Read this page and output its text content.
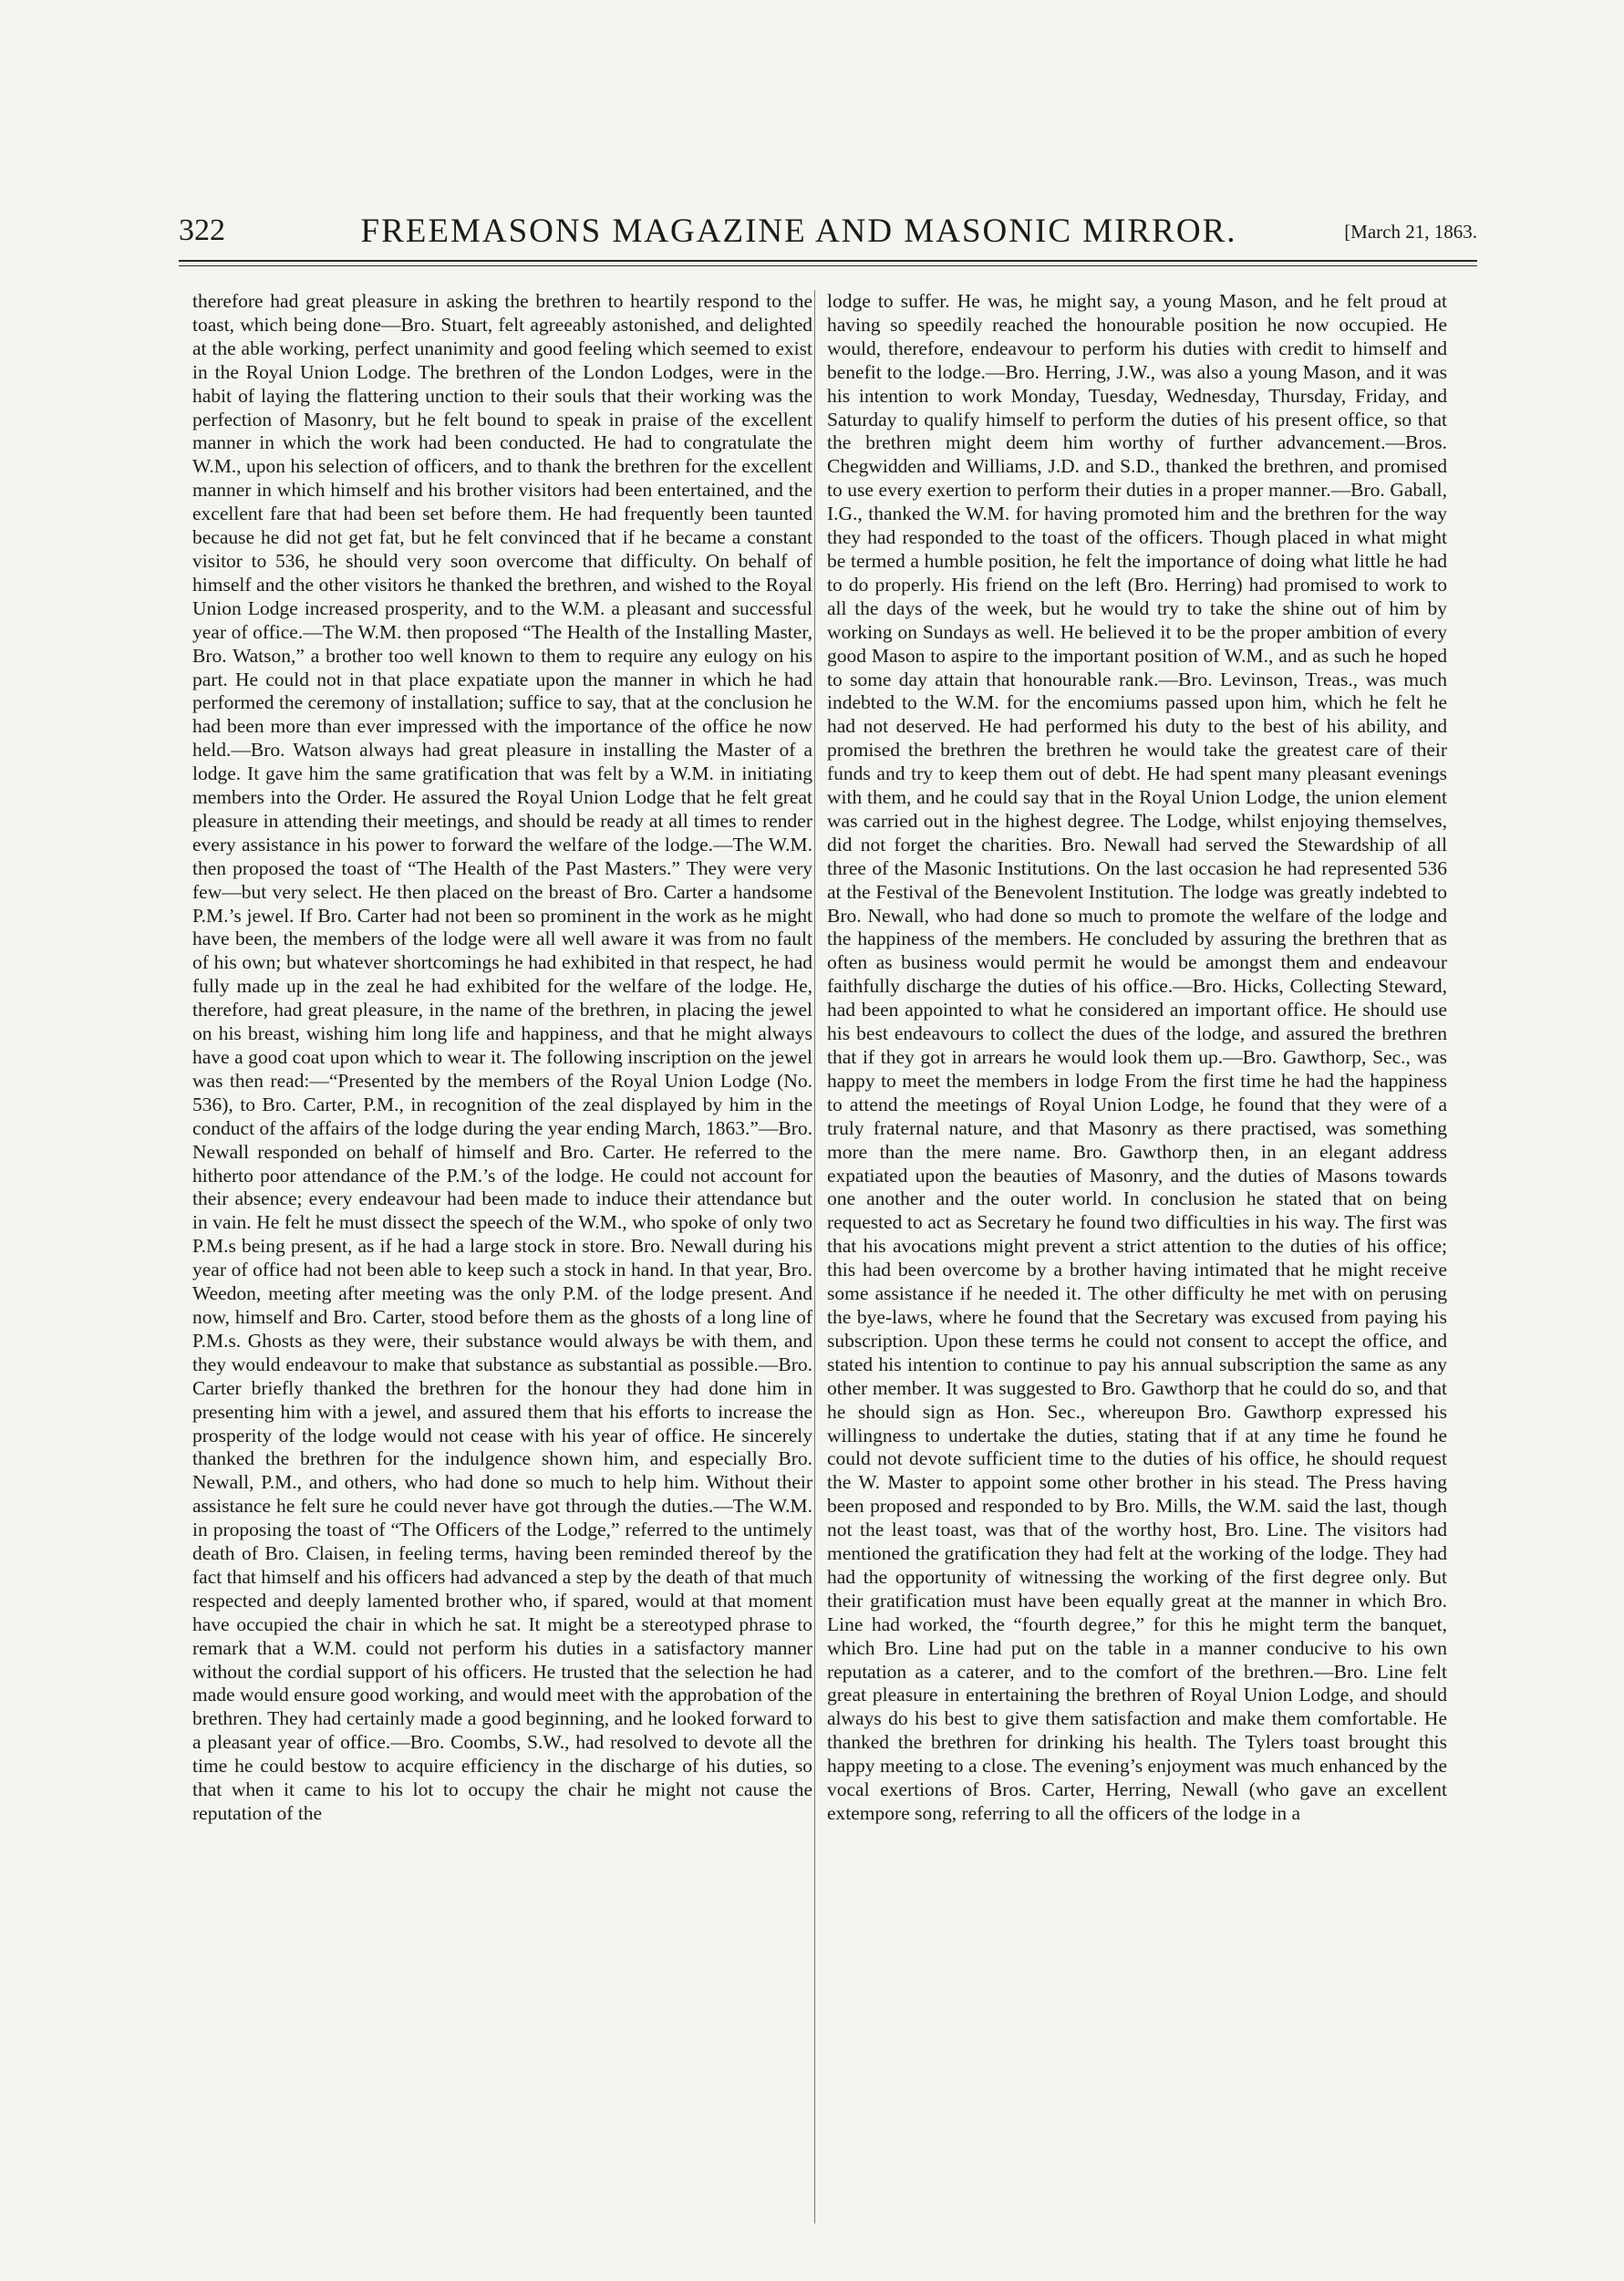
322	FREEMASONS MAGAZINE AND MASONIC MIRROR.	[March 21, 1863.

therefore had great pleasure in asking the brethren to heartily respond to the toast, which being done—Bro. Stuart, felt agreeably astonished, and delighted at the able working, perfect unanimity and good feeling which seemed to exist in the Royal Union Lodge. The brethren of the London Lodges, were in the habit of laying the flattering unction to their souls that their working was the perfection of Masonry, but he felt bound to speak in praise of the excellent manner in which the work had been conducted. He had to congratulate the W.M., upon his selection of officers, and to thank the brethren for the excellent manner in which himself and his brother visitors had been entertained, and the excellent fare that had been set before them. He had frequently been taunted because he did not get fat, but he felt convinced that if he became a constant visitor to 536, he should very soon overcome that difficulty. On behalf of himself and the other visitors he thanked the brethren, and wished to the Royal Union Lodge increased prosperity, and to the W.M. a pleasant and successful year of office.—The W.M. then proposed “The Health of the Installing Master, Bro. Watson,” a brother too well known to them to require any eulogy on his part. He could not in that place expatiate upon the manner in which he had performed the ceremony of installation; suffice to say, that at the conclusion he had been more than ever impressed with the importance of the office he now held.—Bro. Watson always had great pleasure in installing the Master of a lodge. It gave him the same gratification that was felt by a W.M. in initiating members into the Order. He assured the Royal Union Lodge that he felt great pleasure in attending their meetings, and should be ready at all times to render every assistance in his power to forward the welfare of the lodge.—The W.M. then proposed the toast of “The Health of the Past Masters.” They were very few—but very select. He then placed on the breast of Bro. Carter a handsome P.M.’s jewel. If Bro. Carter had not been so prominent in the work as he might have been, the members of the lodge were all well aware it was from no fault of his own; but whatever shortcomings he had exhibited in that respect, he had fully made up in the zeal he had exhibited for the welfare of the lodge. He, therefore, had great pleasure, in the name of the brethren, in placing the jewel on his breast, wishing him long life and happiness, and that he might always have a good coat upon which to wear it. The following inscription on the jewel was then read:—“Presented by the members of the Royal Union Lodge (No. 536), to Bro. Carter, P.M., in recognition of the zeal displayed by him in the conduct of the affairs of the lodge during the year ending March, 1863.”—Bro. Newall responded on behalf of himself and Bro. Carter. He referred to the hitherto poor attendance of the P.M.’s of the lodge. He could not account for their absence; every endeavour had been made to induce their attendance but in vain. He felt he must dissect the speech of the W.M., who spoke of only two P.M.s being present, as if he had a large stock in store. Bro. Newall during his year of office had not been able to keep such a stock in hand. In that year, Bro. Weedon, meeting after meeting was the only P.M. of the lodge present. And now, himself and Bro. Carter, stood before them as the ghosts of a long line of P.M.s. Ghosts as they were, their substance would always be with them, and they would endeavour to make that substance as substantial as possible.—Bro. Carter briefly thanked the brethren for the honour they had done him in presenting him with a jewel, and assured them that his efforts to increase the prosperity of the lodge would not cease with his year of office. He sincerely thanked the brethren for the indulgence shown him, and especially Bro. Newall, P.M., and others, who had done so much to help him. Without their assistance he felt sure he could never have got through the duties.—The W.M. in proposing the toast of “The Officers of the Lodge,” referred to the untimely death of Bro. Claisen, in feeling terms, having been reminded thereof by the fact that himself and his officers had advanced a step by the death of that much respected and deeply lamented brother who, if spared, would at that moment have occupied the chair in which he sat. It might be a stereotyped phrase to remark that a W.M. could not perform his duties in a satisfactory manner without the cordial support of his officers. He trusted that the selection he had made would ensure good working, and would meet with the approbation of the brethren. They had certainly made a good beginning, and he looked forward to a pleasant year of office.—Bro. Coombs, S.W., had resolved to devote all the time he could bestow to acquire efficiency in the discharge of his duties, so that when it came to his lot to occupy the chair he might not cause the reputation of the

lodge to suffer. He was, he might say, a young Mason, and he felt proud at having so speedily reached the honourable position he now occupied. He would, therefore, endeavour to perform his duties with credit to himself and benefit to the lodge.—Bro. Herring, J.W., was also a young Mason, and it was his intention to work Monday, Tuesday, Wednesday, Thursday, Friday, and Saturday to qualify himself to perform the duties of his present office, so that the brethren might deem him worthy of further advancement.—Bros. Chegwidden and Williams, J.D. and S.D., thanked the brethren, and promised to use every exertion to perform their duties in a proper manner.—Bro. Gaball, I.G., thanked the W.M. for having promoted him and the brethren for the way they had responded to the toast of the officers. Though placed in what might be termed a humble position, he felt the importance of doing what little he had to do properly. His friend on the left (Bro. Herring) had promised to work to all the days of the week, but he would try to take the shine out of him by working on Sundays as well. He believed it to be the proper ambition of every good Mason to aspire to the important position of W.M., and as such he hoped to some day attain that honourable rank.—Bro. Levinson, Treas., was much indebted to the W.M. for the encomiums passed upon him, which he felt he had not deserved. He had performed his duty to the best of his ability, and promised the brethren the brethren he would take the greatest care of their funds and try to keep them out of debt. He had spent many pleasant evenings with them, and he could say that in the Royal Union Lodge, the union element was carried out in the highest degree. The Lodge, whilst enjoying themselves, did not forget the charities. Bro. Newall had served the Stewardship of all three of the Masonic Institutions. On the last occasion he had represented 536 at the Festival of the Benevolent Institution. The lodge was greatly indebted to Bro. Newall, who had done so much to promote the welfare of the lodge and the happiness of the members. He concluded by assuring the brethren that as often as business would permit he would be amongst them and endeavour faithfully discharge the duties of his office.—Bro. Hicks, Collecting Steward, had been appointed to what he considered an important office. He should use his best endeavours to collect the dues of the lodge, and assured the brethren that if they got in arrears he would look them up.—Bro. Gawthorp, Sec., was happy to meet the members in lodge From the first time he had the happiness to attend the meetings of Royal Union Lodge, he found that they were of a truly fraternal nature, and that Masonry as there practised, was something more than the mere name. Bro. Gawthorp then, in an elegant address expatiated upon the beauties of Masonry, and the duties of Masons towards one another and the outer world. In conclusion he stated that on being requested to act as Secretary he found two difficulties in his way. The first was that his avocations might prevent a strict attention to the duties of his office; this had been overcome by a brother having intimated that he might receive some assistance if he needed it. The other difficulty he met with on perusing the bye-laws, where he found that the Secretary was excused from paying his subscription. Upon these terms he could not consent to accept the office, and stated his intention to continue to pay his annual subscription the same as any other member. It was suggested to Bro. Gawthorp that he could do so, and that he should sign as Hon. Sec., whereupon Bro. Gawthorp expressed his willingness to undertake the duties, stating that if at any time he found he could not devote sufficient time to the duties of his office, he should request the W. Master to appoint some other brother in his stead. The Press having been proposed and responded to by Bro. Mills, the W.M. said the last, though not the least toast, was that of the worthy host, Bro. Line. The visitors had mentioned the gratification they had felt at the working of the lodge. They had had the opportunity of witnessing the working of the first degree only. But their gratification must have been equally great at the manner in which Bro. Line had worked, the “fourth degree,” for this he might term the banquet, which Bro. Line had put on the table in a manner conducive to his own reputation as a caterer, and to the comfort of the brethren.—Bro. Line felt great pleasure in entertaining the brethren of Royal Union Lodge, and should always do his best to give them satisfaction and make them comfortable. He thanked the brethren for drinking his health. The Tylers toast brought this happy meeting to a close. The evening’s enjoyment was much enhanced by the vocal exertions of Bros. Carter, Herring, Newall (who gave an excellent extempore song, referring to all the officers of the lodge in a
